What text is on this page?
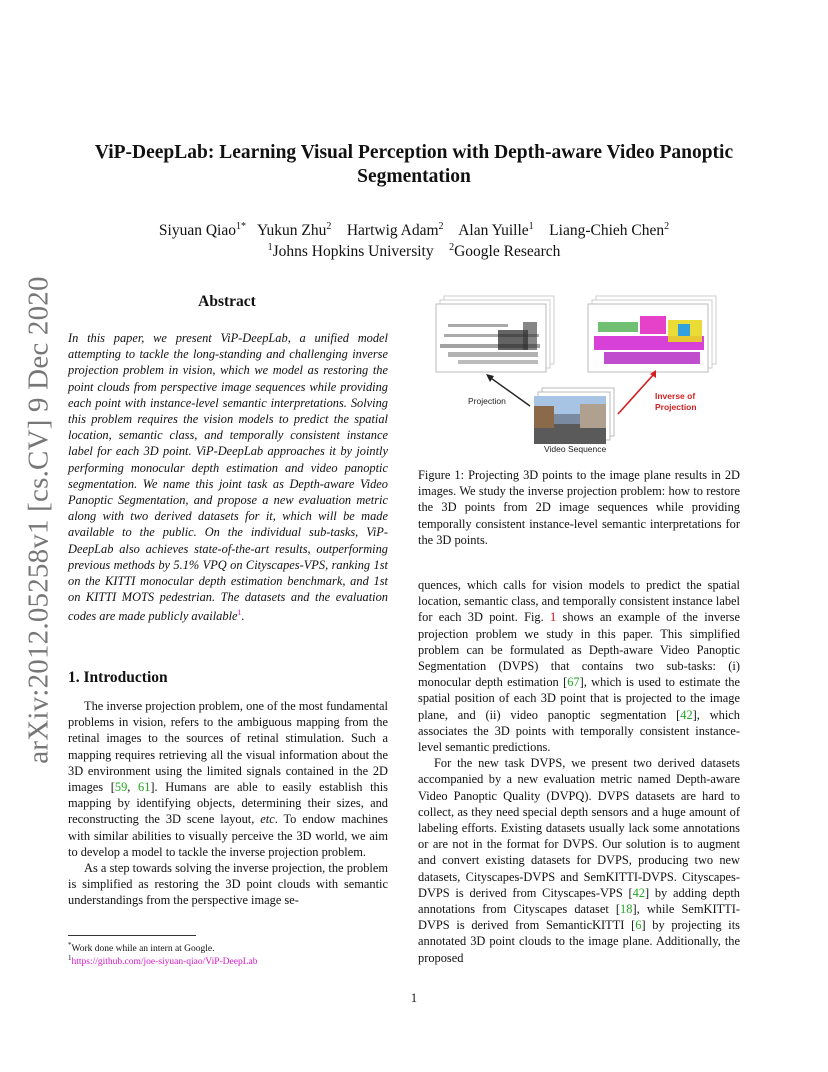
arXiv:2012.05258v1 [cs.CV] 9 Dec 2020
ViP-DeepLab: Learning Visual Perception with Depth-aware Video Panoptic
Segmentation
Siyuan Qiao$^{1*}$ Yukun Zhu$^2$ Hartwig Adam$^2$ Alan Yuille$^1$ Liang-Chieh Chen$^2$
$^1$Johns Hopkins University $^2$Google Research
Abstract
In this paper, we present ViP-DeepLab, a unified model attempting to tackle the long-standing and challenging inverse projection problem in vision, which we model as restoring the point clouds from perspective image sequences while providing each point with instance-level semantic interpretations. Solving this problem requires the vision models to predict the spatial location, semantic class, and temporally consistent instance label for each 3D point. ViP-DeepLab approaches it by jointly performing monocular depth estimation and video panoptic segmentation. We name this joint task as Depth-aware Video Panoptic Segmentation, and propose a new evaluation metric along with two derived datasets for it, which will be made available to the public. On the individual sub-tasks, ViP-DeepLab also achieves state-of-the-art results, outperforming previous methods by 5.1% VPQ on Cityscapes-VPS, ranking 1st on the KITTI monocular depth estimation benchmark, and 1st on KITTI MOTS pedestrian. The datasets and the evaluation codes are made publicly available$^1$.
1. Introduction

The inverse projection problem, one of the most fundamental problems in vision, refers to the ambiguous mapping from the retinal images to the sources of retinal stimulation. Such a mapping requires retrieving all the visual information about the 3D environment using the limited signals contained in the 2D images [59, 61]. Humans are able to easily establish this mapping by identifying objects, determining their sizes, and reconstructing the 3D scene layout, etc. To endow machines with similar abilities to visually perceive the 3D world, we aim to develop a model to tackle the inverse projection problem.

As a step towards solving the inverse projection, the problem is simplified as restoring the 3D point clouds with semantic understandings from the perspective image se-

*Work done while an intern at Google.
$^1$https://github.com/joe-siyuan-qiao/ViP-DeepLab
Projection	Inverse of
Projection
Video Sequence
Figure 1: Projecting 3D points to the image plane results in 2D images. We study the inverse projection problem: how to restore the 3D points from 2D image sequences while providing temporally consistent instance-level semantic interpretations for the 3D points.

quences, which calls for vision models to predict the spatial location, semantic class, and temporally consistent instance label for each 3D point. Fig. 1 shows an example of the inverse projection problem we study in this paper. This simplified problem can be formulated as Depth-aware Video Panoptic Segmentation (DVPS) that contains two sub-tasks: (i) monocular depth estimation [67], which is used to estimate the spatial position of each 3D point that is projected to the image plane, and (ii) video panoptic segmentation [42], which associates the 3D points with temporally consistent instance-level semantic predictions.

For the new task DVPS, we present two derived datasets accompanied by a new evaluation metric named Depth-aware Video Panoptic Quality (DVPQ). DVPS datasets are hard to collect, as they need special depth sensors and a huge amount of labeling efforts. Existing datasets usually lack some annotations or are not in the format for DVPS. Our solution is to augment and convert existing datasets for DVPS, producing two new datasets, Cityscapes-DVPS and SemKITTI-DVPS. Cityscapes-DVPS is derived from Cityscapes-VPS [42] by adding depth annotations from Cityscapes dataset [18], while SemKITTI-DVPS is derived from SemanticKITTI [6] by projecting its annotated 3D point clouds to the image plane. Additionally, the proposed

1
